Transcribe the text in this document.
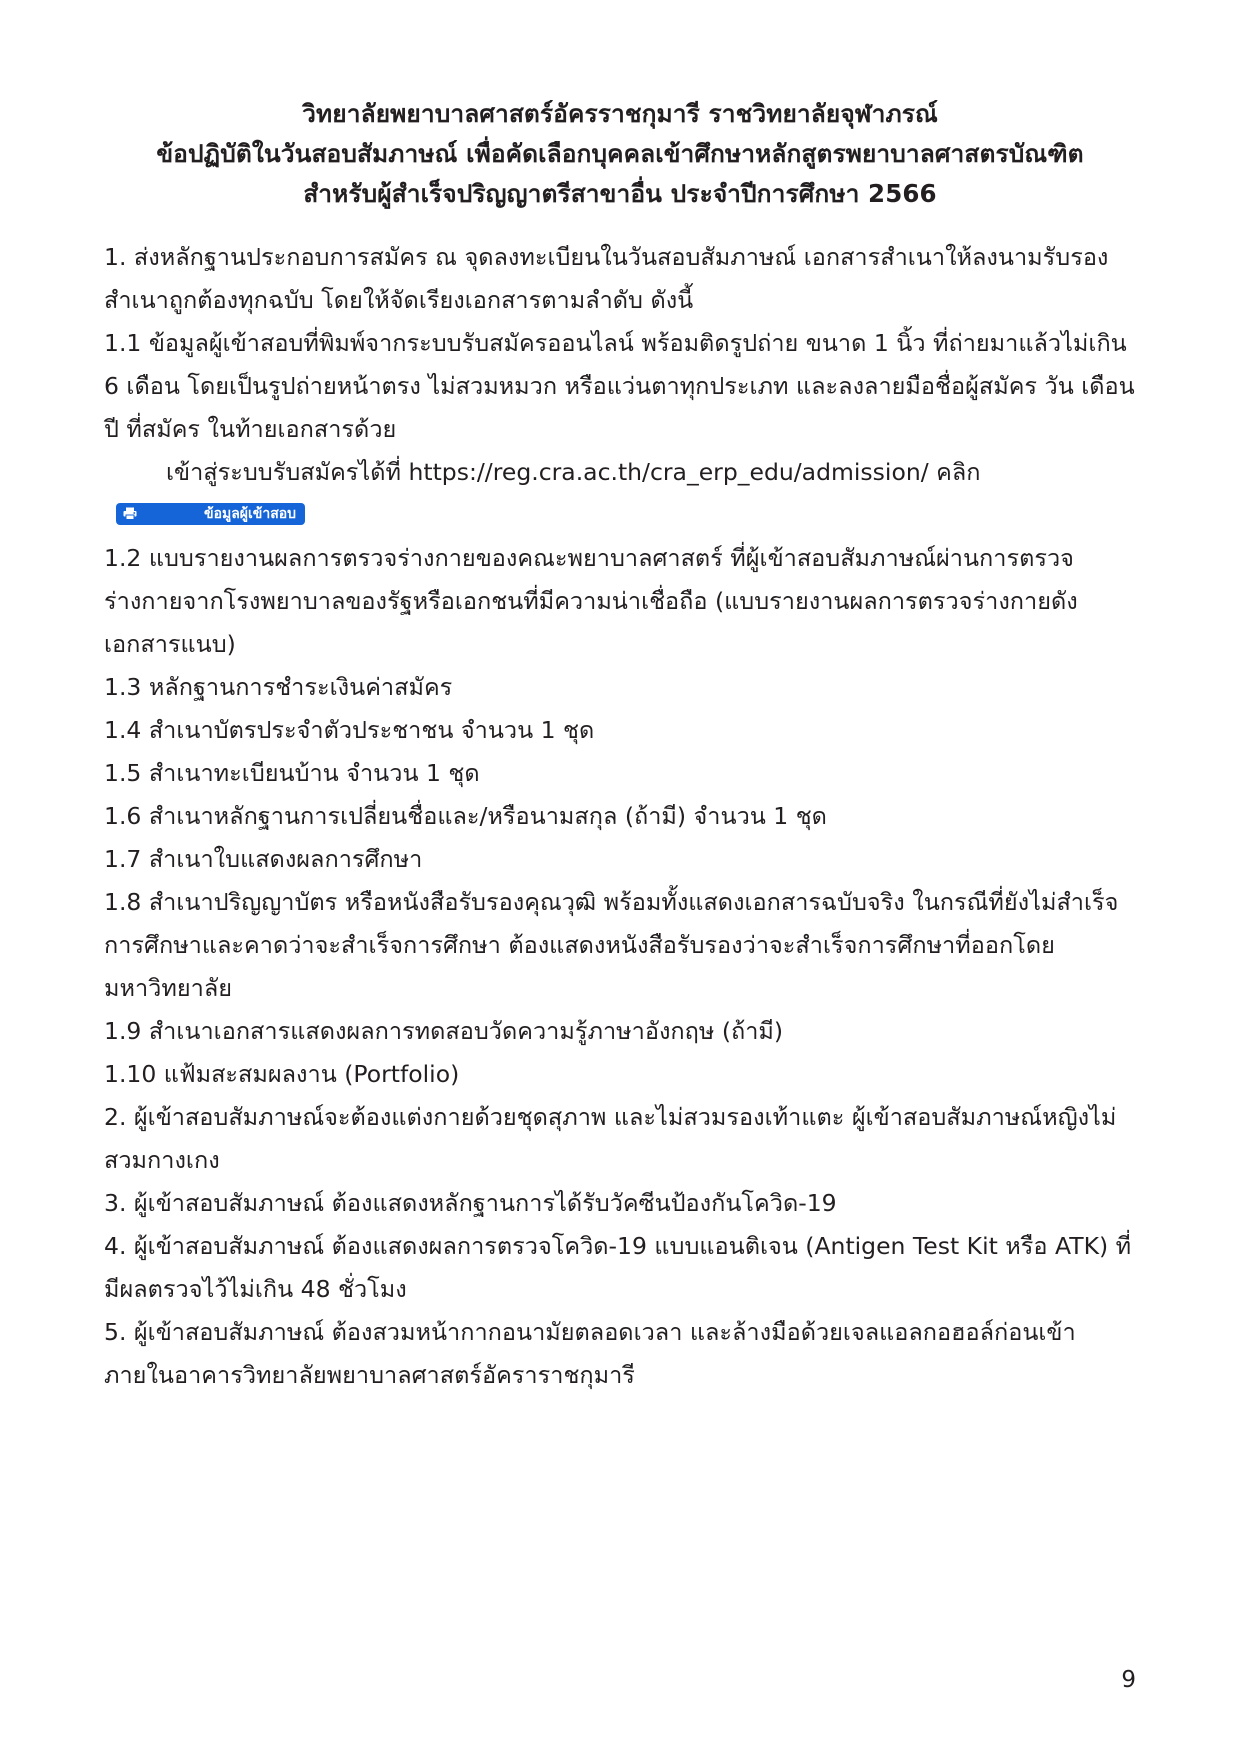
วิทยาลัยพยาบาลศาสตร์อัครราชกุมารี ราชวิทยาลัยจุฬาภรณ์
ข้อปฏิบัติในวันสอบสัมภาษณ์ เพื่อคัดเลือกบุคคลเข้าศึกษาหลักสูตรพยาบาลศาสตรบัณฑิต
สำหรับผู้สำเร็จปริญญาตรีสาขาอื่น ประจำปีการศึกษา 2566

1. ส่งหลักฐานประกอบการสมัคร ณ จุดลงทะเบียนในวันสอบสัมภาษณ์ เอกสารสำเนาให้ลงนามรับรองสำเนาถูกต้องทุกฉบับ โดยให้จัดเรียงเอกสารตามลำดับ ดังนี้

1.1 ข้อมูลผู้เข้าสอบที่พิมพ์จากระบบรับสมัครออนไลน์ พร้อมติดรูปถ่าย ขนาด 1 นิ้ว ที่ถ่ายมาแล้วไม่เกิน 6 เดือน โดยเป็นรูปถ่ายหน้าตรง ไม่สวมหมวก หรือแว่นตาทุกประเภท และลงลายมือชื่อผู้สมัคร วัน เดือน ปี ที่สมัคร ในท้ายเอกสารด้วย

เข้าสู่ระบบรับสมัครได้ที่ https://reg.cra.ac.th/cra_erp_edu/admission/ คลิก
ข้อมูลผู้เข้าสอบ

1.2 แบบรายงานผลการตรวจร่างกายของคณะพยาบาลศาสตร์ ที่ผู้เข้าสอบสัมภาษณ์ผ่านการตรวจร่างกายจากโรงพยาบาลของรัฐหรือเอกชนที่มีความน่าเชื่อถือ (แบบรายงานผลการตรวจร่างกายดังเอกสารแนบ)

1.3 หลักฐานการชำระเงินค่าสมัคร

1.4 สำเนาบัตรประจำตัวประชาชน จำนวน 1 ชุด

1.5 สำเนาทะเบียนบ้าน จำนวน 1 ชุด

1.6 สำเนาหลักฐานการเปลี่ยนชื่อและ/หรือนามสกุล (ถ้ามี) จำนวน 1 ชุด

1.7 สำเนาใบแสดงผลการศึกษา

1.8 สำเนาปริญญาบัตร หรือหนังสือรับรองคุณวุฒิ พร้อมทั้งแสดงเอกสารฉบับจริง ในกรณีที่ยังไม่สำเร็จการศึกษาและคาดว่าจะสำเร็จการศึกษา ต้องแสดงหนังสือรับรองว่าจะสำเร็จการศึกษาที่ออกโดยมหาวิทยาลัย

1.9 สำเนาเอกสารแสดงผลการทดสอบวัดความรู้ภาษาอังกฤษ (ถ้ามี)

1.10 แฟ้มสะสมผลงาน (Portfolio)

2. ผู้เข้าสอบสัมภาษณ์จะต้องแต่งกายด้วยชุดสุภาพ และไม่สวมรองเท้าแตะ ผู้เข้าสอบสัมภาษณ์หญิงไม่สวมกางเกง

3. ผู้เข้าสอบสัมภาษณ์ ต้องแสดงหลักฐานการได้รับวัคซีนป้องกันโควิด-19

4. ผู้เข้าสอบสัมภาษณ์ ต้องแสดงผลการตรวจโควิด-19 แบบแอนติเจน (Antigen Test Kit หรือ ATK) ที่มีผลตรวจไว้ไม่เกิน 48 ชั่วโมง

5. ผู้เข้าสอบสัมภาษณ์ ต้องสวมหน้ากากอนามัยตลอดเวลา และล้างมือด้วยเจลแอลกอฮอล์ก่อนเข้าภายในอาคารวิทยาลัยพยาบาลศาสตร์อัคราราชกุมารี

9
